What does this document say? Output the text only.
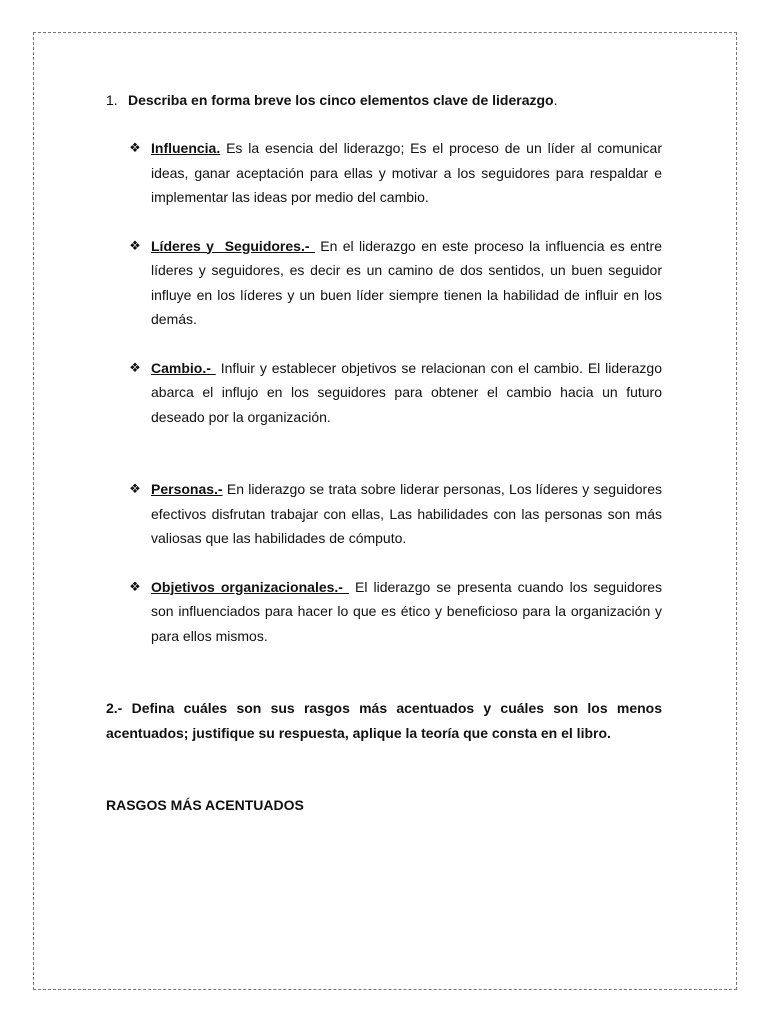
1. Describa en forma breve los cinco elementos clave de liderazgo.
❖ Influencia. Es la esencia del liderazgo; Es el proceso de un líder al comunicar ideas, ganar aceptación para ellas y motivar a los seguidores para respaldar e implementar las ideas por medio del cambio.
❖ Líderes y  Seguidores.-  En el liderazgo en este proceso la influencia es entre líderes y seguidores, es decir es un camino de dos sentidos, un buen seguidor influye en los líderes y un buen líder siempre tienen la habilidad de influir en los demás.
❖ Cambio.-  Influir y establecer objetivos se relacionan con el cambio. El liderazgo abarca el influjo en los seguidores para obtener el cambio hacia un futuro deseado por la organización.
❖ Personas.- En liderazgo se trata sobre liderar personas, Los líderes y seguidores efectivos disfrutan trabajar con ellas, Las habilidades con las personas son más valiosas que las habilidades de cómputo.
❖ Objetivos organizacionales.-  El liderazgo se presenta cuando los seguidores son influenciados para hacer lo que es ético y beneficioso para la organización y para ellos mismos.

2.- Defina cuáles son sus rasgos más acentuados y cuáles son los menos acentuados; justifique su respuesta, aplique la teoría que consta en el libro.

RASGOS MÁS ACENTUADOS
